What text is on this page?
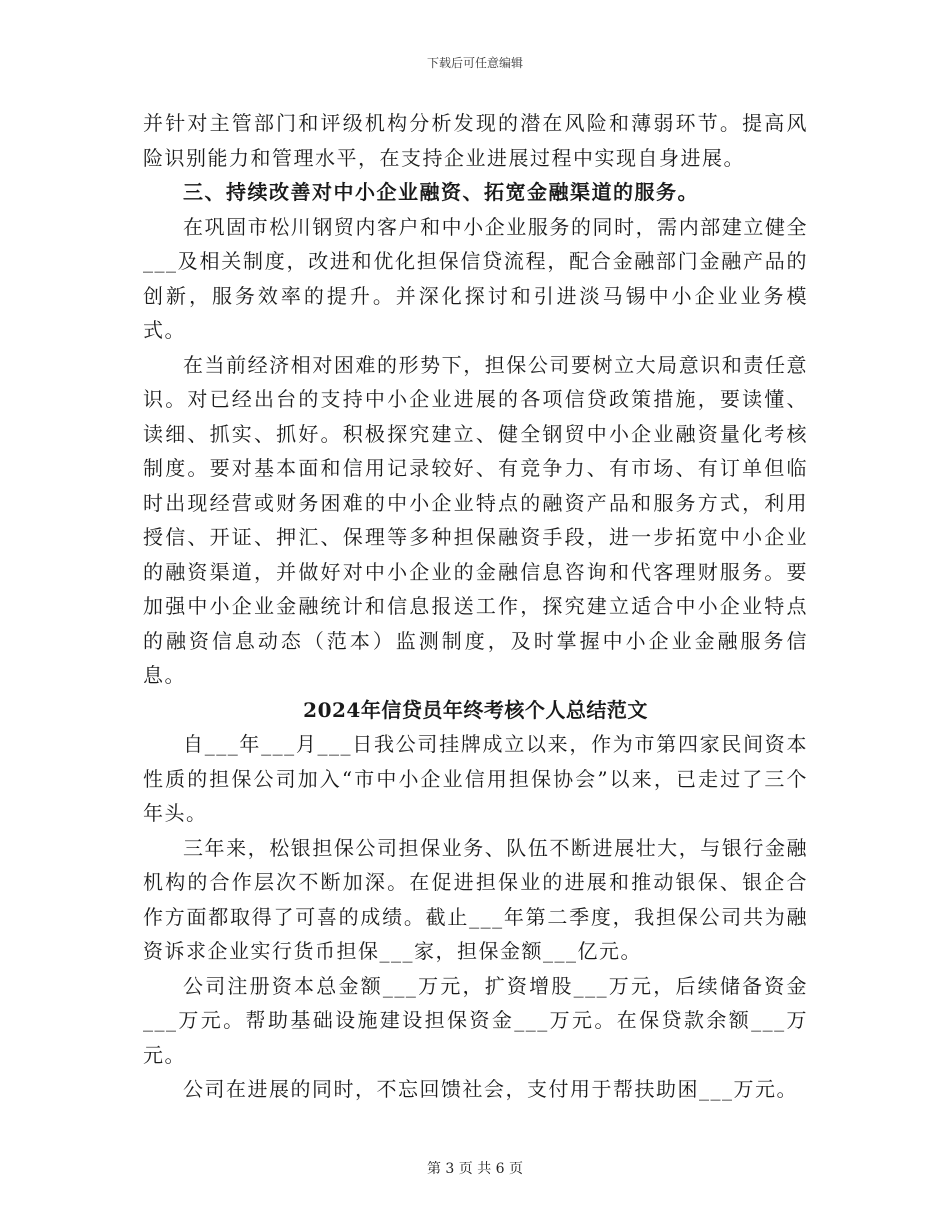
下载后可任意编辑

并针对主管部门和评级机构分析发现的潜在风险和薄弱环节。提高风险识别能力和管理水平，在支持企业进展过程中实现自身进展。

三、持续改善对中小企业融资、拓宽金融渠道的服务。

在巩固市松川钢贸内客户和中小企业服务的同时，需内部建立健全___及相关制度，改进和优化担保信贷流程，配合金融部门金融产品的创新，服务效率的提升。并深化探讨和引进淡马锡中小企业业务模式。

在当前经济相对困难的形势下，担保公司要树立大局意识和责任意识。对已经出台的支持中小企业进展的各项信贷政策措施，要读懂、读细、抓实、抓好。积极探究建立、健全钢贸中小企业融资量化考核制度。要对基本面和信用记录较好、有竞争力、有市场、有订单但临时出现经营或财务困难的中小企业特点的融资产品和服务方式，利用授信、开证、押汇、保理等多种担保融资手段，进一步拓宽中小企业的融资渠道，并做好对中小企业的金融信息咨询和代客理财服务。要加强中小企业金融统计和信息报送工作，探究建立适合中小企业特点的融资信息动态（范本）监测制度，及时掌握中小企业金融服务信息。

2024年信贷员年终考核个人总结范文

自___年___月___日我公司挂牌成立以来，作为市第四家民间资本性质的担保公司加入“市中小企业信用担保协会”以来，已走过了三个年头。

三年来，松银担保公司担保业务、队伍不断进展壮大，与银行金融机构的合作层次不断加深。在促进担保业的进展和推动银保、银企合作方面都取得了可喜的成绩。截止___年第二季度，我担保公司共为融资诉求企业实行货币担保___家，担保金额___亿元。

公司注册资本总金额___万元，扩资增股___万元，后续储备资金___万元。帮助基础设施建设担保资金___万元。在保贷款余额___万元。

公司在进展的同时，不忘回馈社会，支付用于帮扶助困___万元。

第 3 页 共 6 页
